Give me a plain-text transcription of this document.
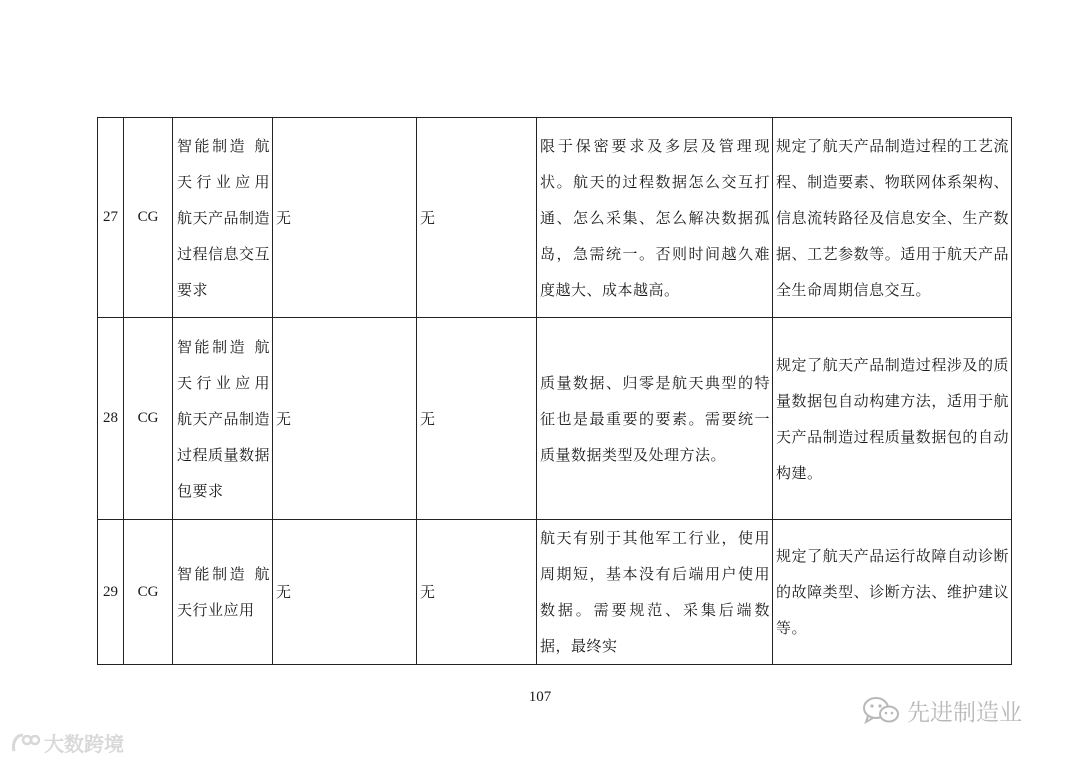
27	CG	智能制造 航天行业应用 航天产品制造过程信息交互要求	无	无	限于保密要求及多层及管理现状。航天的过程数据怎么交互打通、怎么采集、怎么解决数据孤岛，急需统一。否则时间越久难度越大、成本越高。	规定了航天产品制造过程的工艺流程、制造要素、物联网体系架构、信息流转路径及信息安全、生产数据、工艺参数等。适用于航天产品全生命周期信息交互。
28	CG	智能制造 航天行业应用 航天产品制造过程质量数据包要求	无	无	质量数据、归零是航天典型的特征也是最重要的要素。需要统一质量数据类型及处理方法。	规定了航天产品制造过程涉及的质量数据包自动构建方法，适用于航天产品制造过程质量数据包的自动构建。
29	CG	智能制造 航天行业应用	无	无	航天有别于其他军工行业，使用周期短，基本没有后端用户使用数据。需要规范、采集后端数据，最终实	规定了航天产品运行故障自动诊断的故障类型、诊断方法、维护建议等。
107
大数跨境
先进制造业
